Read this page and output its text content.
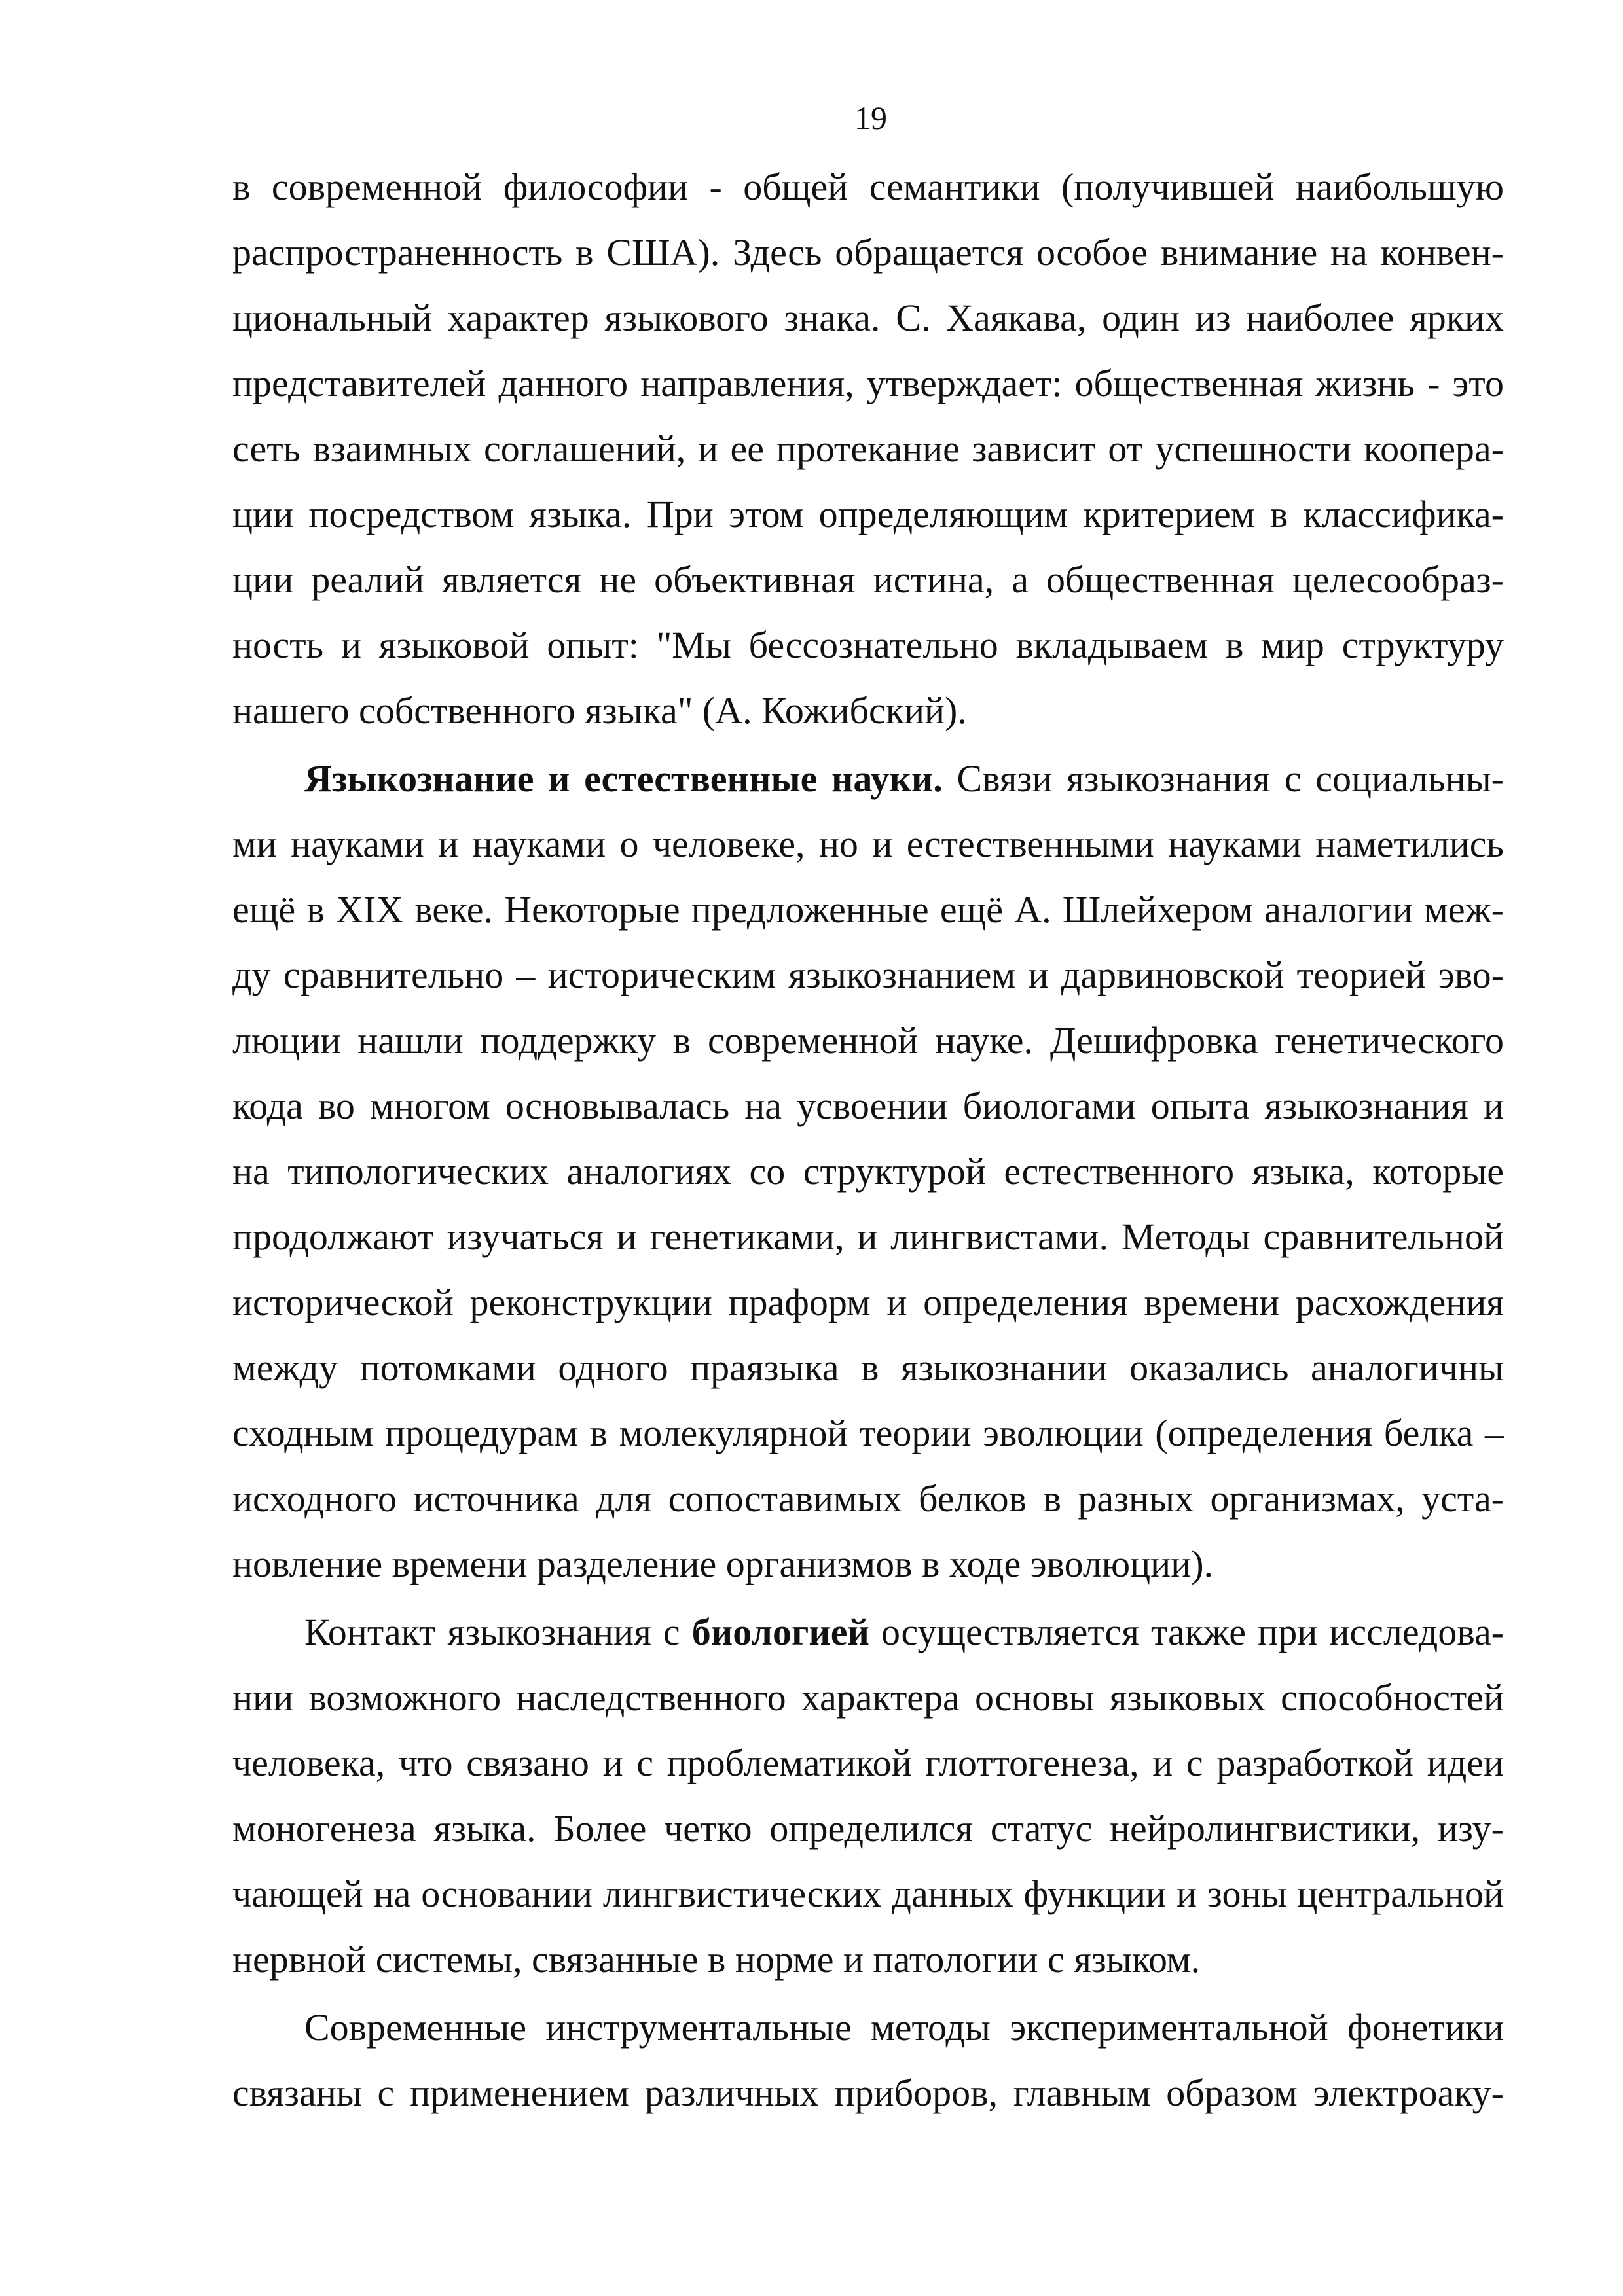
19
в современной философии - общей семантики (получившей наибольшую
распространенность в США). Здесь обращается особое внимание на конвен-
циональный характер языкового знака. С. Хаякава, один из наиболее ярких
представителей данного направления, утверждает: общественная жизнь - это
сеть взаимных соглашений, и ее протекание зависит от успешности коопера-
ции посредством языка. При этом определяющим критерием в классифика-
ции реалий является не объективная истина, а общественная целесообраз-
ность и языковой опыт: "Мы бессознательно вкладываем в мир структуру
нашего собственного языка" (А. Кожибский).
Языкознание и естественные науки. Связи языкознания с социальны-
ми науками и науками о человеке, но и естественными науками наметились
ещё в XIX веке. Некоторые предложенные ещё А. Шлейхером аналогии меж-
ду сравнительно – историческим языкознанием и дарвиновской теорией эво-
люции нашли поддержку в современной науке. Дешифровка генетического
кода во многом основывалась на усвоении биологами опыта языкознания и
на типологических аналогиях со структурой естественного языка, которые
продолжают изучаться и генетиками, и лингвистами. Методы сравнительной
исторической реконструкции праформ и определения времени расхождения
между потомками одного праязыка в языкознании оказались аналогичны
сходным процедурам в молекулярной теории эволюции (определения белка –
исходного источника для сопоставимых белков в разных организмах, уста-
новление времени разделение организмов в ходе эволюции).
Контакт языкознания с биологией осуществляется также при исследова-
нии возможного наследственного характера основы языковых способностей
человека, что связано и с проблематикой глоттогенеза, и с разработкой идеи
моногенеза языка. Более четко определился статус нейролингвистики, изу-
чающей на основании лингвистических данных функции и зоны центральной
нервной системы, связанные в норме и патологии с языком.
Современные инструментальные методы экспериментальной фонетики
связаны с применением различных приборов, главным образом электроаку-
